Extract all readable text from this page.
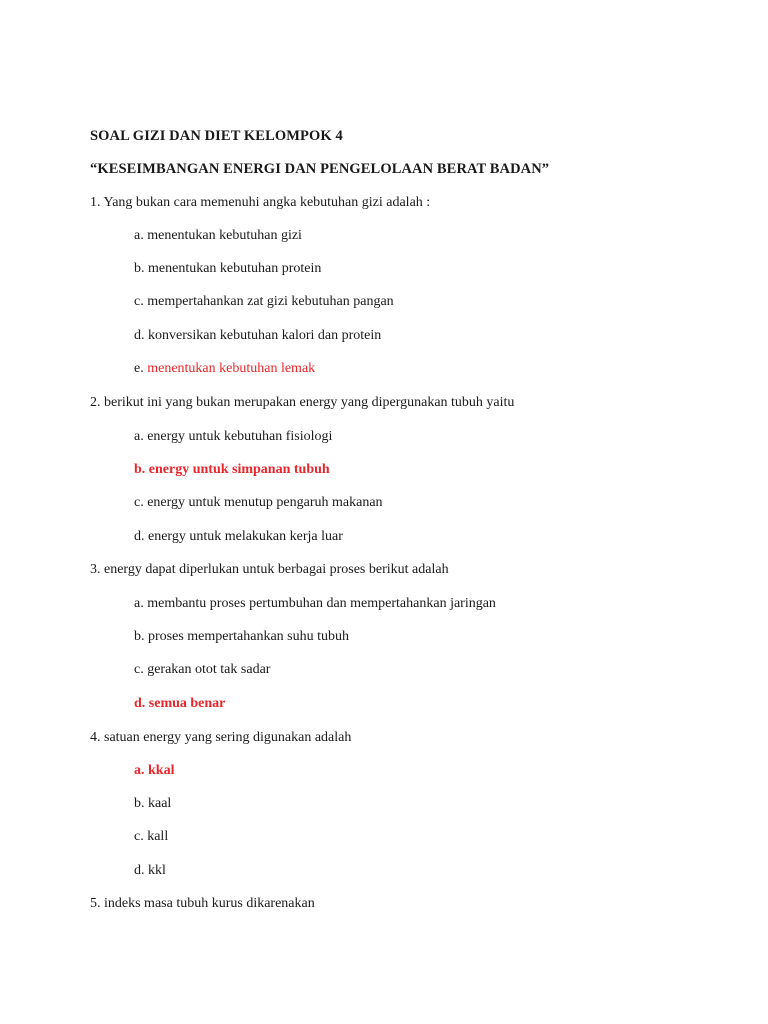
SOAL GIZI DAN DIET KELOMPOK 4
“KESEIMBANGAN ENERGI DAN PENGELOLAAN BERAT BADAN”
1. Yang bukan cara memenuhi angka kebutuhan gizi adalah :
a. menentukan kebutuhan gizi
b. menentukan kebutuhan protein
c. mempertahankan zat gizi kebutuhan pangan
d. konversikan kebutuhan kalori dan protein
e. menentukan kebutuhan lemak
2. berikut ini yang bukan merupakan energy yang dipergunakan tubuh yaitu
a. energy untuk kebutuhan fisiologi
b. energy untuk simpanan tubuh
c. energy untuk menutup pengaruh makanan
d. energy untuk melakukan kerja luar
3. energy dapat diperlukan untuk berbagai proses berikut adalah
a. membantu proses pertumbuhan dan mempertahankan jaringan
b. proses mempertahankan suhu tubuh
c. gerakan otot tak sadar
d. semua benar
4. satuan energy yang sering digunakan adalah
a. kkal
b. kaal
c. kall
d. kkl
5. indeks masa tubuh kurus dikarenakan
